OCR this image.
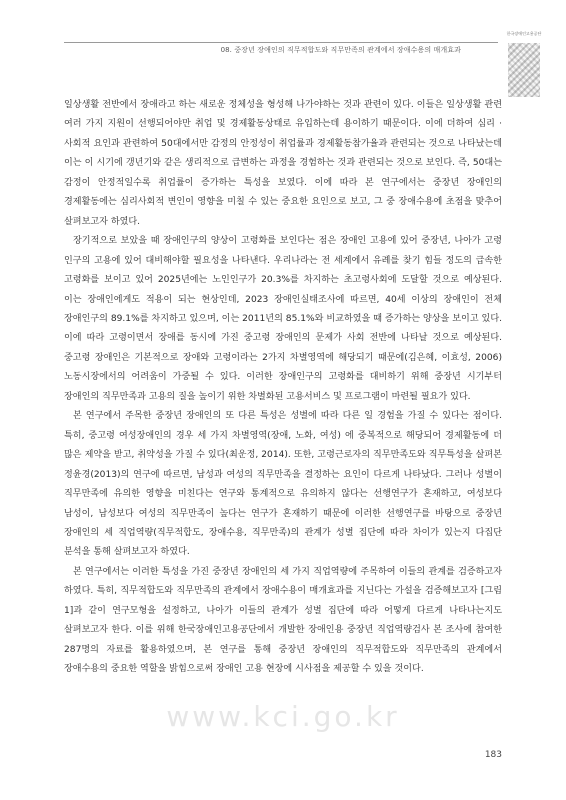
08. 중장년 장애인의 직무적합도와 직무만족의 관계에서 장애수용의 매개효과
한국장애인고용공단

일상생활 전반에서 장애라고 하는 새로운 정체성을 형성해 나가야하는 것과 관련이 있다. 이들은 일상생활 관련 여러 가지 지원이 선행되어야만 취업 및 경제활동상태로 유입하는데 용이하기 때문이다. 이에 더하여 심리 · 사회적 요인과 관련하여 50대에서만 감정의 안정성이 취업률과 경제활동참가율과 관련되는 것으로 나타났는데 이는 이 시기에 갱년기와 같은 생리적으로 급변하는 과정을 경험하는 것과 관련되는 것으로 보인다. 즉, 50대는 감정이 안정적일수록 취업률이 증가하는 특성을 보였다. 이에 따라 본 연구에서는 중장년 장애인의 경제활동에는 심리사회적 변인이 영향을 미칠 수 있는 중요한 요인으로 보고, 그 중 장애수용에 초점을 맞추어 살펴보고자 하였다.

장기적으로 보았을 때 장애인구의 양상이 고령화를 보인다는 점은 장애인 고용에 있어 중장년, 나아가 고령 인구의 고용에 있어 대비해야할 필요성을 나타낸다. 우리나라는 전 세계에서 유례를 찾기 힘들 정도의 급속한 고령화를 보이고 있어 2025년에는 노인인구가 20.3%를 차지하는 초고령사회에 도달할 것으로 예상된다. 이는 장애인에게도 적용이 되는 현상인데, 2023 장애인실태조사에 따르면, 40세 이상의 장애인이 전체 장애인구의 89.1%를 차지하고 있으며, 이는 2011년의 85.1%와 비교하였을 때 증가하는 양상을 보이고 있다. 이에 따라 고령이면서 장애를 동시에 가진 중고령 장애인의 문제가 사회 전반에 나타날 것으로 예상된다. 중고령 장애인은 기본적으로 장애와 고령이라는 2가지 차별영역에 해당되기 때문에(김은혜, 이효성, 2006) 노동시장에서의 어려움이 가중될 수 있다. 이러한 장애인구의 고령화를 대비하기 위해 중장년 시기부터 장애인의 직무만족과 고용의 질을 높이기 위한 차별화된 고용서비스 및 프로그램이 마련될 필요가 있다.

본 연구에서 주목한 중장년 장애인의 또 다른 특성은 성별에 따라 다른 일 경험을 가질 수 있다는 점이다. 특히, 중고령 여성장애인의 경우 세 가지 차별영역(장애, 노화, 여성) 에 중복적으로 해당되어 경제활동에 더 많은 제약을 받고, 취약성을 가질 수 있다(최운정, 2014). 또한, 고령근로자의 직무만족도와 직무특성을 살펴본 정윤경(2013)의 연구에 따르면, 남성과 여성의 직무만족을 결정하는 요인이 다르게 나타났다. 그러나 성별이 직무만족에 유의한 영향을 미친다는 연구와 통계적으로 유의하지 않다는 선행연구가 혼재하고, 여성보다 남성이, 남성보다 여성의 직무만족이 높다는 연구가 혼재하기 때문에 이러한 선행연구를 바탕으로 중장년 장애인의 세 직업역량(직무적합도, 장애수용, 직무만족)의 관계가 성별 집단에 따라 차이가 있는지 다집단 분석을 통해 살펴보고자 하였다.

본 연구에서는 이러한 특성을 가진 중장년 장애인의 세 가지 직업역량에 주목하여 이들의 관계를 검증하고자 하였다. 특히, 직무적합도와 직무만족의 관계에서 장애수용이 매개효과를 지닌다는 가설을 검증해보고자 [그림 1]과 같이 연구모형을 설정하고, 나아가 이들의 관계가 성별 집단에 따라 어떻게 다르게 나타나는지도 살펴보고자 한다. 이를 위해 한국장애인고용공단에서 개발한 장애인용 중장년 직업역량검사 본 조사에 참여한 287명의 자료를 활용하였으며, 본 연구를 통해 중장년 장애인의 직무적합도와 직무만족의 관계에서 장애수용의 중요한 역할을 밝힘으로써 장애인 고용 현장에 시사점을 제공할 수 있을 것이다.

www.kci.go.kr
183
